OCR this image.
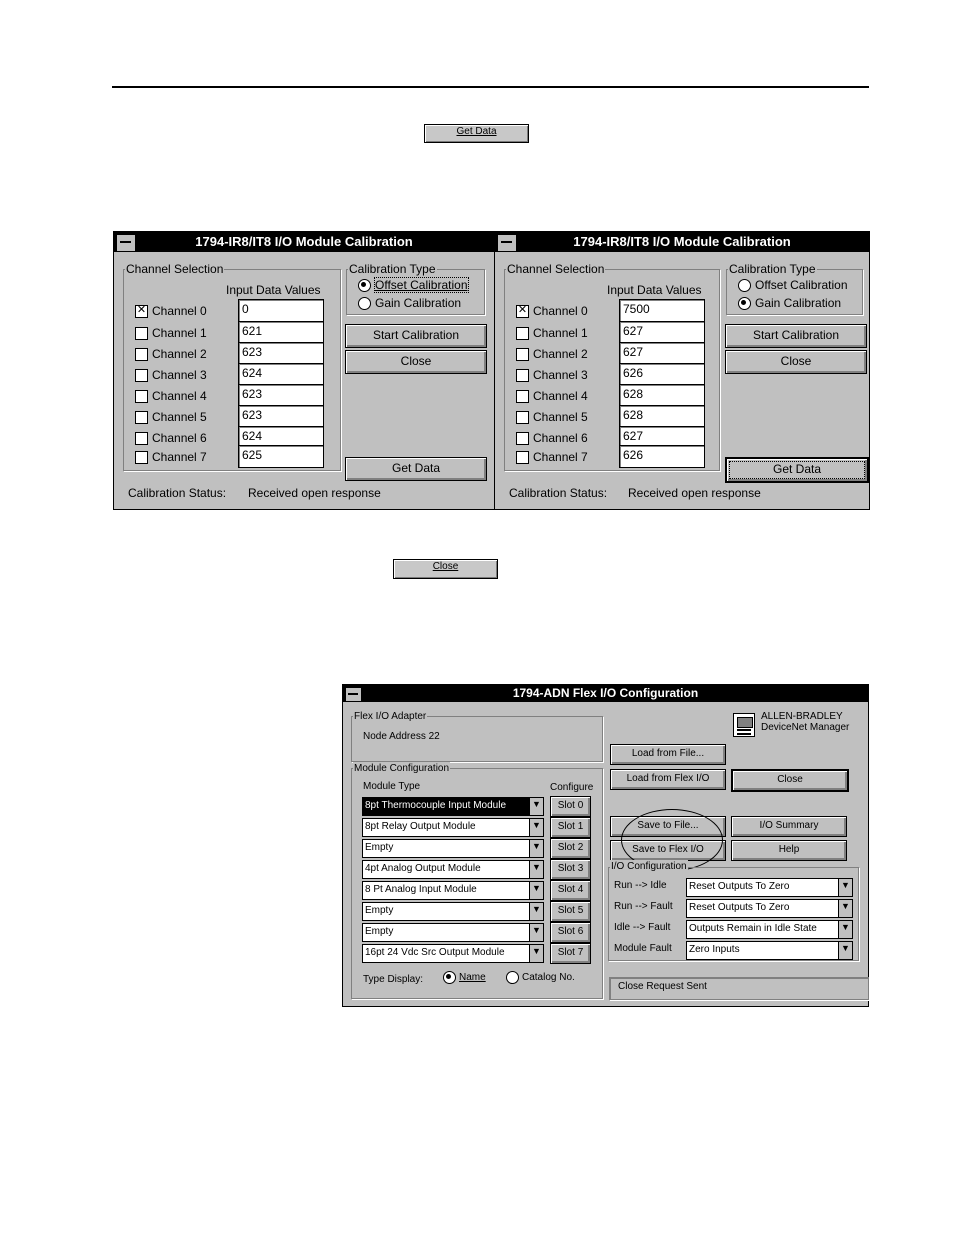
Get Data
1794-IR8/IT8 I/O Module Calibration
Channel Selection
Input Data Values
Calibration Type
Offset Calibration
Gain Calibration
Start Calibration
Close
Get Data
Calibration Status: Received open response
✕ Channel 0	0
Channel 1	621
Channel 2	623
Channel 3	624
Channel 4	623
Channel 5	623
Channel 6	624
Channel 7	625
1794-IR8/IT8 I/O Module Calibration
Channel Selection
Input Data Values
Calibration Type
Offset Calibration
Gain Calibration
Start Calibration
Close
Get Data
Calibration Status: Received open response
✕ Channel 0	7500
Channel 1	627
Channel 2	627
Channel 3	626
Channel 4	628
Channel 5	628
Channel 6	627
Channel 7	626
Close
1794-ADN Flex I/O Configuration
Flex I/O Adapter
Node Address 22
ALLEN-BRADLEY
DeviceNet Manager
Module Configuration
Module Type	Configure
Type Display:	Name	Catalog No.
Load from File...
Load from Flex I/O	Close
Save to File...	I/O Summary
Save to Flex I/O	Help
I/O Configuration
Close Request Sent
8pt Thermocouple Input Module	▼	Slot 0
8pt Relay Output Module	▼	Slot 1
Empty	▼	Slot 2
4pt Analog Output Module	▼	Slot 3
8 Pt Analog Input Module	▼	Slot 4
Empty	▼	Slot 5
Empty	▼	Slot 6
16pt 24 Vdc Src Output Module	▼	Slot 7
Run --> Idle	Reset Outputs To Zero	▼
Run --> Fault	Reset Outputs To Zero	▼
Idle --> Fault	Outputs Remain in Idle State	▼
Module Fault	Zero Inputs	▼
